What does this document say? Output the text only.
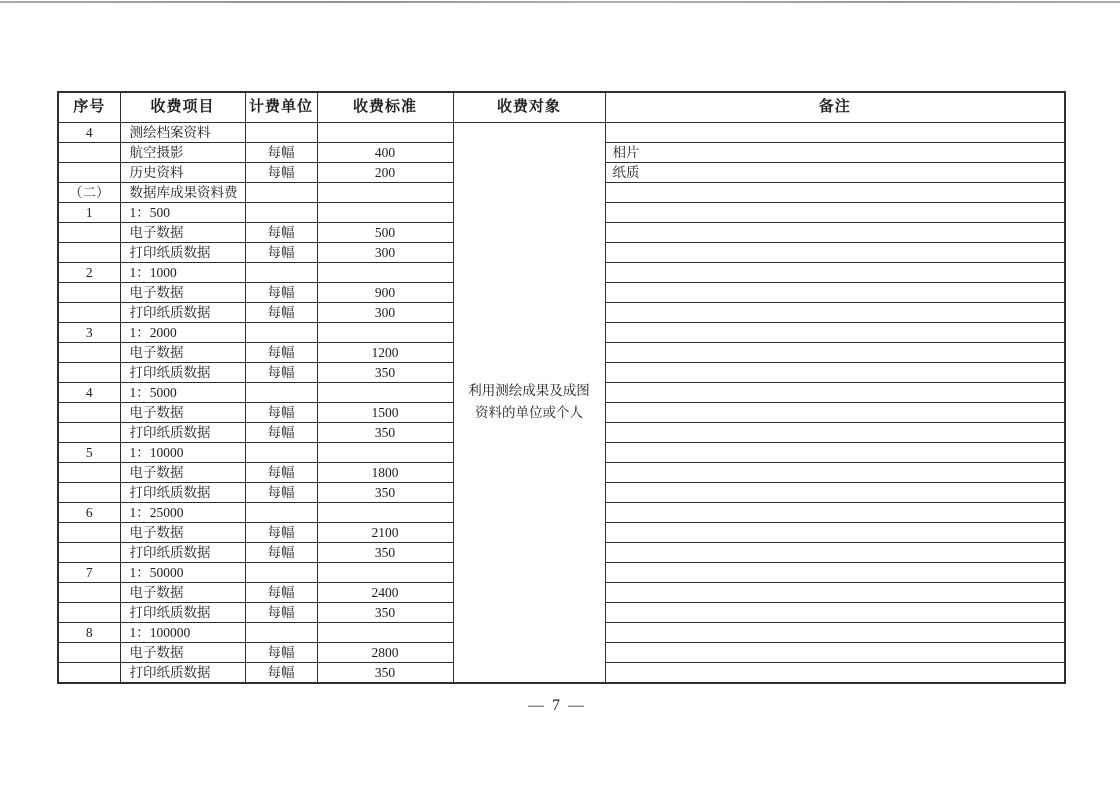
序号	收费项目	计费单位	收费标准	收费对象	备注
4	测绘档案资料			利用测绘成果及成图资料的单位或个人	
	航空摄影	每幅	400		相片
	历史资料	每幅	200		纸质
（二）	数据库成果资料费				
1	1：500				
	电子数据	每幅	500		
	打印纸质数据	每幅	300		
2	1：1000				
	电子数据	每幅	900		
	打印纸质数据	每幅	300		
3	1：2000				
	电子数据	每幅	1200		
	打印纸质数据	每幅	350		
4	1：5000				
	电子数据	每幅	1500		
	打印纸质数据	每幅	350		
5	1：10000				
	电子数据	每幅	1800		
	打印纸质数据	每幅	350		
6	1：25000				
	电子数据	每幅	2100		
	打印纸质数据	每幅	350		
7	1：50000				
	电子数据	每幅	2400		
	打印纸质数据	每幅	350		
8	1：100000				
	电子数据	每幅	2800		
	打印纸质数据	每幅	350		
— 7 —
